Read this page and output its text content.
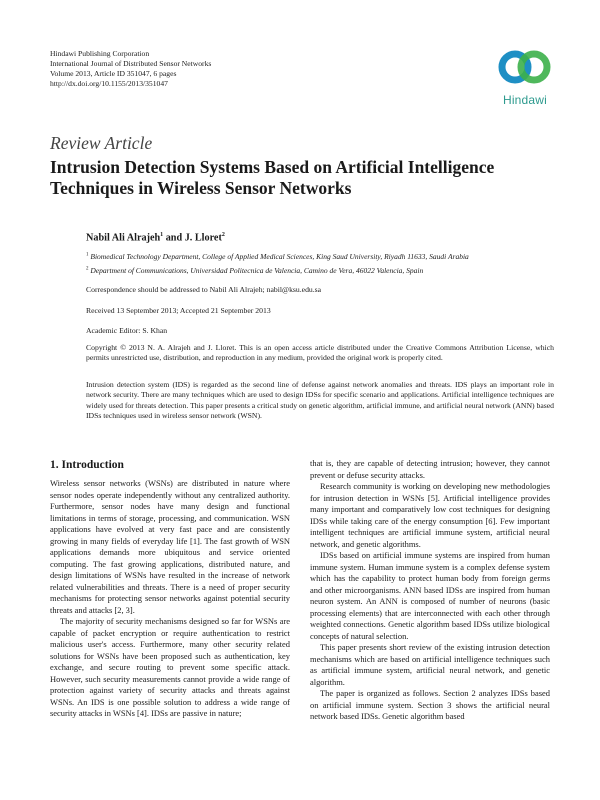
Hindawi Publishing Corporation
International Journal of Distributed Sensor Networks
Volume 2013, Article ID 351047, 6 pages
http://dx.doi.org/10.1155/2013/351047
Hindawi
Review Article
Intrusion Detection Systems Based on Artificial Intelligence Techniques in Wireless Sensor Networks
Nabil Ali Alrajeh$^1$ and J. Lloret$^2$
$^1$ Biomedical Technology Department, College of Applied Medical Sciences, King Saud University, Riyadh 11633, Saudi Arabia
$^2$ Department of Communications, Universidad Politecnica de Valencia, Camino de Vera, 46022 Valencia, Spain
Correspondence should be addressed to Nabil Ali Alrajeh; nabil@ksu.edu.sa
Received 13 September 2013; Accepted 21 September 2013
Academic Editor: S. Khan
Copyright © 2013 N. A. Alrajeh and J. Lloret. This is an open access article distributed under the Creative Commons Attribution License, which permits unrestricted use, distribution, and reproduction in any medium, provided the original work is properly cited.
Intrusion detection system (IDS) is regarded as the second line of defense against network anomalies and threats. IDS plays an important role in network security. There are many techniques which are used to design IDSs for specific scenario and applications. Artificial intelligence techniques are widely used for threats detection. This paper presents a critical study on genetic algorithm, artificial immune, and artificial neural network (ANN) based IDSs techniques used in wireless sensor network (WSN).
1. Introduction

Wireless sensor networks (WSNs) are distributed in nature where sensor nodes operate independently without any centralized authority. Furthermore, sensor nodes have many design and functional limitations in terms of storage, processing, and communication. WSN applications have evolved at very fast pace and are consistently growing in many fields of everyday life [1]. The fast growth of WSN applications demands more ubiquitous and service oriented computing. The fast growing applications, distributed nature, and design limitations of WSNs have resulted in the increase of network related vulnerabilities and threats. There is a need of proper security mechanisms for protecting sensor networks against potential security threats and attacks [2, 3].

The majority of security mechanisms designed so far for WSNs are capable of packet encryption or require authentication to restrict malicious user's access. Furthermore, many other security related solutions for WSNs have been proposed such as authentication, key exchange, and secure routing to prevent some specific attack. However, such security measurements cannot provide a wide range of protection against variety of security attacks and threats against WSNs. An IDS is one possible solution to address a wide range of security attacks in WSNs [4]. IDSs are passive in nature;

that is, they are capable of detecting intrusion; however, they cannot prevent or defuse security attacks.

Research community is working on developing new methodologies for intrusion detection in WSNs [5]. Artificial intelligence provides many important and comparatively low cost techniques for designing IDSs while taking care of the energy consumption [6]. Few important intelligent techniques are artificial immune system, artificial neural network, and genetic algorithms.

IDSs based on artificial immune systems are inspired from human immune system. Human immune system is a complex defense system which has the capability to protect human body from foreign germs and other microorganisms. ANN based IDSs are inspired from human neuron system. An ANN is composed of number of neurons (basic processing elements) that are interconnected with each other through weighted connections. Genetic algorithm based IDSs utilize biological concepts of natural selection.

This paper presents short review of the existing intrusion detection mechanisms which are based on artificial intelligence techniques such as artificial immune system, artificial neural network, and genetic algorithm.

The paper is organized as follows. Section 2 analyzes IDSs based on artificial immune system. Section 3 shows the artificial neural network based IDSs. Genetic algorithm based
